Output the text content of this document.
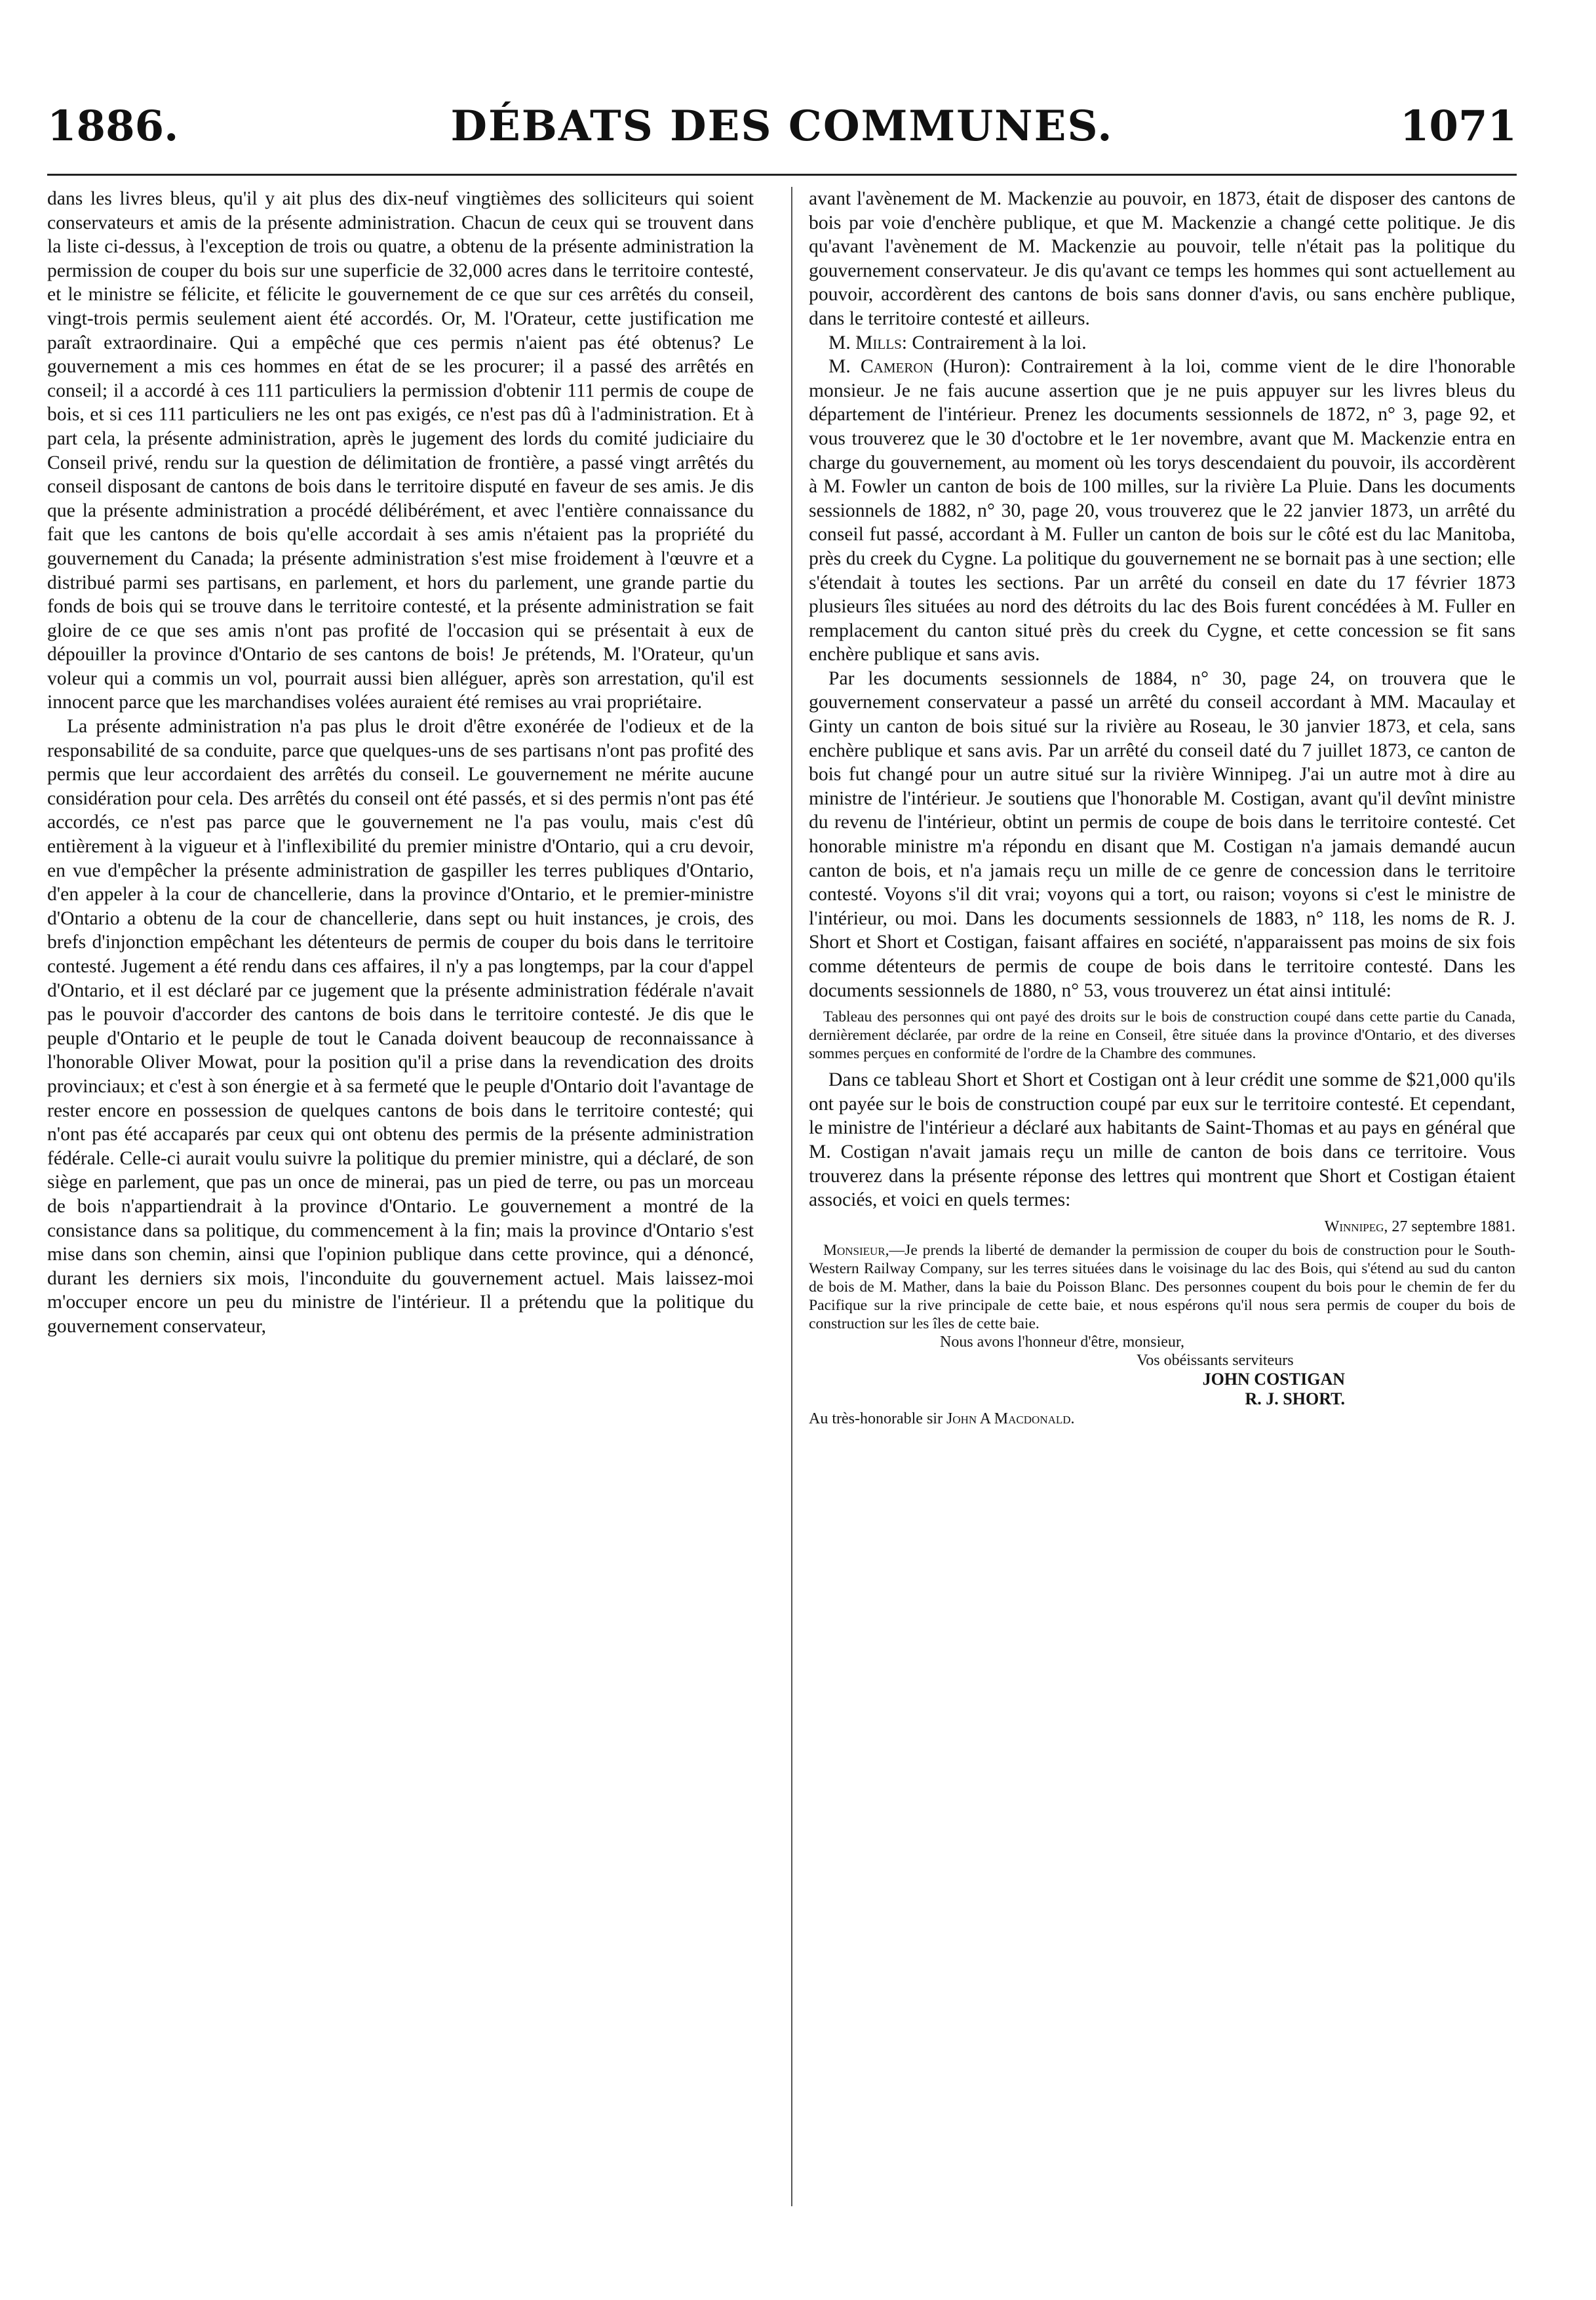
1886.	DÉBATS DES COMMUNES.	1071

dans les livres bleus, qu'il y ait plus des dix-neuf vingtièmes des solliciteurs qui soient conservateurs et amis de la présente administration. Chacun de ceux qui se trouvent dans la liste ci-dessus, à l'exception de trois ou quatre, a obtenu de la présente administration la permission de couper du bois sur une superficie de 32,000 acres dans le territoire contesté, et le ministre se félicite, et félicite le gouvernement de ce que sur ces arrêtés du conseil, vingt-trois permis seulement aient été accordés. Or, M. l'Orateur, cette justification me paraît extraordinaire. Qui a empêché que ces permis n'aient pas été obtenus? Le gouvernement a mis ces hommes en état de se les procurer; il a passé des arrêtés en conseil; il a accordé à ces 111 particuliers la permission d'obtenir 111 permis de coupe de bois, et si ces 111 particuliers ne les ont pas exigés, ce n'est pas dû à l'administration. Et à part cela, la présente administration, après le jugement des lords du comité judiciaire du Conseil privé, rendu sur la question de délimitation de frontière, a passé vingt arrêtés du conseil disposant de cantons de bois dans le territoire disputé en faveur de ses amis. Je dis que la présente administration a procédé délibérément, et avec l'entière connaissance du fait que les cantons de bois qu'elle accordait à ses amis n'étaient pas la propriété du gouvernement du Canada; la présente administration s'est mise froidement à l'œuvre et a distribué parmi ses partisans, en parlement, et hors du parlement, une grande partie du fonds de bois qui se trouve dans le territoire contesté, et la présente administration se fait gloire de ce que ses amis n'ont pas profité de l'occasion qui se présentait à eux de dépouiller la province d'Ontario de ses cantons de bois! Je prétends, M. l'Orateur, qu'un voleur qui a commis un vol, pourrait aussi bien alléguer, après son arrestation, qu'il est innocent parce que les marchandises volées auraient été remises au vrai propriétaire.

La présente administration n'a pas plus le droit d'être exonérée de l'odieux et de la responsabilité de sa conduite, parce que quelques-uns de ses partisans n'ont pas profité des permis que leur accordaient des arrêtés du conseil. Le gouvernement ne mérite aucune considération pour cela. Des arrêtés du conseil ont été passés, et si des permis n'ont pas été accordés, ce n'est pas parce que le gouvernement ne l'a pas voulu, mais c'est dû entièrement à la vigueur et à l'inflexibilité du premier ministre d'Ontario, qui a cru devoir, en vue d'empêcher la présente administration de gaspiller les terres publiques d'Ontario, d'en appeler à la cour de chancellerie, dans la province d'Ontario, et le premier-ministre d'Ontario a obtenu de la cour de chancellerie, dans sept ou huit instances, je crois, des brefs d'injonction empêchant les détenteurs de permis de couper du bois dans le territoire contesté. Jugement a été rendu dans ces affaires, il n'y a pas longtemps, par la cour d'appel d'Ontario, et il est déclaré par ce jugement que la présente administration fédérale n'avait pas le pouvoir d'accorder des cantons de bois dans le territoire contesté. Je dis que le peuple d'Ontario et le peuple de tout le Canada doivent beaucoup de reconnaissance à l'honorable Oliver Mowat, pour la position qu'il a prise dans la revendication des droits provinciaux; et c'est à son énergie et à sa fermeté que le peuple d'Ontario doit l'avantage de rester encore en possession de quelques cantons de bois dans le territoire contesté; qui n'ont pas été accaparés par ceux qui ont obtenu des permis de la présente administration fédérale. Celle-ci aurait voulu suivre la politique du premier ministre, qui a déclaré, de son siège en parlement, que pas un once de minerai, pas un pied de terre, ou pas un morceau de bois n'appartiendrait à la province d'Ontario. Le gouvernement a montré de la consistance dans sa politique, du commencement à la fin; mais la province d'Ontario s'est mise dans son chemin, ainsi que l'opinion publique dans cette province, qui a dénoncé, durant les derniers six mois, l'inconduite du gouvernement actuel. Mais laissez-moi m'occuper encore un peu du ministre de l'intérieur. Il a prétendu que la politique du gouvernement conservateur,

avant l'avènement de M. Mackenzie au pouvoir, en 1873, était de disposer des cantons de bois par voie d'enchère publique, et que M. Mackenzie a changé cette politique. Je dis qu'avant l'avènement de M. Mackenzie au pouvoir, telle n'était pas la politique du gouvernement conservateur. Je dis qu'avant ce temps les hommes qui sont actuellement au pouvoir, accordèrent des cantons de bois sans donner d'avis, ou sans enchère publique, dans le territoire contesté et ailleurs.

M. Mills: Contrairement à la loi.

M. Cameron (Huron): Contrairement à la loi, comme vient de le dire l'honorable monsieur. Je ne fais aucune assertion que je ne puis appuyer sur les livres bleus du département de l'intérieur. Prenez les documents sessionnels de 1872, n° 3, page 92, et vous trouverez que le 30 d'octobre et le 1er novembre, avant que M. Mackenzie entra en charge du gouvernement, au moment où les torys descendaient du pouvoir, ils accordèrent à M. Fowler un canton de bois de 100 milles, sur la rivière La Pluie. Dans les documents sessionnels de 1882, n° 30, page 20, vous trouverez que le 22 janvier 1873, un arrêté du conseil fut passé, accordant à M. Fuller un canton de bois sur le côté est du lac Manitoba, près du creek du Cygne. La politique du gouvernement ne se bornait pas à une section; elle s'étendait à toutes les sections. Par un arrêté du conseil en date du 17 février 1873 plusieurs îles situées au nord des détroits du lac des Bois furent concédées à M. Fuller en remplacement du canton situé près du creek du Cygne, et cette concession se fit sans enchère publique et sans avis.

Par les documents sessionnels de 1884, n° 30, page 24, on trouvera que le gouvernement conservateur a passé un arrêté du conseil accordant à MM. Macaulay et Ginty un canton de bois situé sur la rivière au Roseau, le 30 janvier 1873, et cela, sans enchère publique et sans avis. Par un arrêté du conseil daté du 7 juillet 1873, ce canton de bois fut changé pour un autre situé sur la rivière Winnipeg. J'ai un autre mot à dire au ministre de l'intérieur. Je soutiens que l'honorable M. Costigan, avant qu'il devînt ministre du revenu de l'intérieur, obtint un permis de coupe de bois dans le territoire contesté. Cet honorable ministre m'a répondu en disant que M. Costigan n'a jamais demandé aucun canton de bois, et n'a jamais reçu un mille de ce genre de concession dans le territoire contesté. Voyons s'il dit vrai; voyons qui a tort, ou raison; voyons si c'est le ministre de l'intérieur, ou moi. Dans les documents sessionnels de 1883, n° 118, les noms de R. J. Short et Short et Costigan, faisant affaires en société, n'apparaissent pas moins de six fois comme détenteurs de permis de coupe de bois dans le territoire contesté. Dans les documents sessionnels de 1880, n° 53, vous trouverez un état ainsi intitulé:

Tableau des personnes qui ont payé des droits sur le bois de construction coupé dans cette partie du Canada, dernièrement déclarée, par ordre de la reine en Conseil, être située dans la province d'Ontario, et des diverses sommes perçues en conformité de l'ordre de la Chambre des communes.

Dans ce tableau Short et Short et Costigan ont à leur crédit une somme de $21,000 qu'ils ont payée sur le bois de construction coupé par eux sur le territoire contesté. Et cependant, le ministre de l'intérieur a déclaré aux habitants de Saint-Thomas et au pays en général que M. Costigan n'avait jamais reçu un mille de canton de bois dans ce territoire. Vous trouverez dans la présente réponse des lettres qui montrent que Short et Costigan étaient associés, et voici en quels termes:

Winnipeg, 27 septembre 1881.

Monsieur,—Je prends la liberté de demander la permission de couper du bois de construction pour le South-Western Railway Company, sur les terres situées dans le voisinage du lac des Bois, qui s'étend au sud du canton de bois de M. Mather, dans la baie du Poisson Blanc. Des personnes coupent du bois pour le chemin de fer du Pacifique sur la rive principale de cette baie, et nous espérons qu'il nous sera permis de couper du bois de construction sur les îles de cette baie.

Nous avons l'honneur d'être, monsieur,

Vos obéissants serviteurs

JOHN COSTIGAN

R. J. SHORT.

Au très-honorable sir John A Macdonald.
